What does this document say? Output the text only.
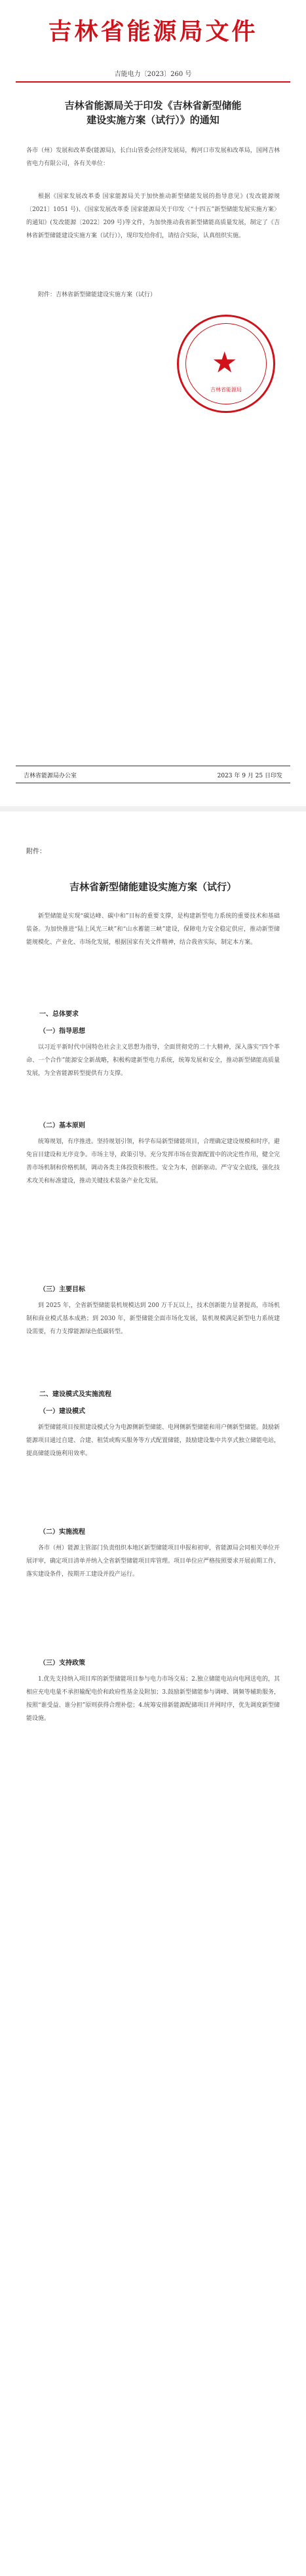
吉林省能源局文件
吉能电力〔2023〕260 号
吉林省能源局关于印发《吉林省新型储能
建设实施方案（试行）》的通知
各市（州）发展和改革委(能源局)，长白山管委会经济发展局，梅河口市发展和改革局，国网吉林省电力有限公司，各有关单位：
根据《国家发展改革委 国家能源局关于加快推动新型储能发展的指导意见》(发改能源规〔2021〕1051 号)、《国家发展改革委 国家能源局关于印发〈“十四五”新型储能发展实施方案〉的通知》(发改能源〔2022〕209 号)等文件，为加快推动我省新型储能高质量发展，制定了《吉林省新型储能建设实施方案（试行）》，现印发给你们，请结合实际，认真组织实施。
附件：吉林省新型储能建设实施方案（试行）
★
吉林省能源局
吉林省能源局办公室	2023 年 9 月 25 日印发
附件：
吉林省新型储能建设实施方案（试行）
新型储能是实现“碳达峰、碳中和”目标的重要支撑，是构建新型电力系统的重要技术和基础装备。为加快推进“陆上风光三峡”和“山水蓄能三峡”建设，保障电力安全稳定供应，推动新型储能规模化、产业化、市场化发展，根据国家有关文件精神，结合我省实际，制定本方案。
一、总体要求
（一）指导思想
以习近平新时代中国特色社会主义思想为指导，全面贯彻党的二十大精神，深入落实“四个革命、一个合作”能源安全新战略，积极构建新型电力系统，统筹发展和安全，推动新型储能高质量发展，为全省能源转型提供有力支撑。
（二）基本原则
统筹规划，有序推进。坚持规划引领，科学布局新型储能项目，合理确定建设规模和时序，避免盲目建设和无序竞争。市场主导，政策引导。充分发挥市场在资源配置中的决定性作用，健全完善市场机制和价格机制，调动各类主体投资积极性。安全为本，创新驱动。严守安全底线，强化技术攻关和标准建设，推动关键技术装备产业化发展。
（三）主要目标
到 2025 年，全省新型储能装机规模达到 200 万千瓦以上，技术创新能力显著提高，市场机制和商业模式基本成熟；到 2030 年，新型储能全面市场化发展，装机规模满足新型电力系统建设需要，有力支撑能源绿色低碳转型。
二、建设模式及实施流程
（一）建设模式
新型储能项目按照建设模式分为电源侧新型储能、电网侧新型储能和用户侧新型储能。鼓励新能源项目通过自建、合建、租赁或购买服务等方式配置储能，鼓励建设集中共享式独立储能电站，提高储能设施利用效率。
（二）实施流程
各市（州）能源主管部门负责组织本地区新型储能项目申报和初审，省能源局会同相关单位开展评审，确定项目清单并纳入全省新型储能项目库管理。项目单位应严格按照要求开展前期工作，落实建设条件，按期开工建设并投产运行。
（三）支持政策
1.优先支持纳入项目库的新型储能项目参与电力市场交易；2.独立储能电站向电网送电的，其相应充电电量不承担输配电价和政府性基金及附加；3.鼓励新型储能参与调峰、调频等辅助服务，按照“谁受益、谁分担”原则获得合理补偿；4.统筹安排新能源配储项目并网时序，优先调度新型储能设施。
